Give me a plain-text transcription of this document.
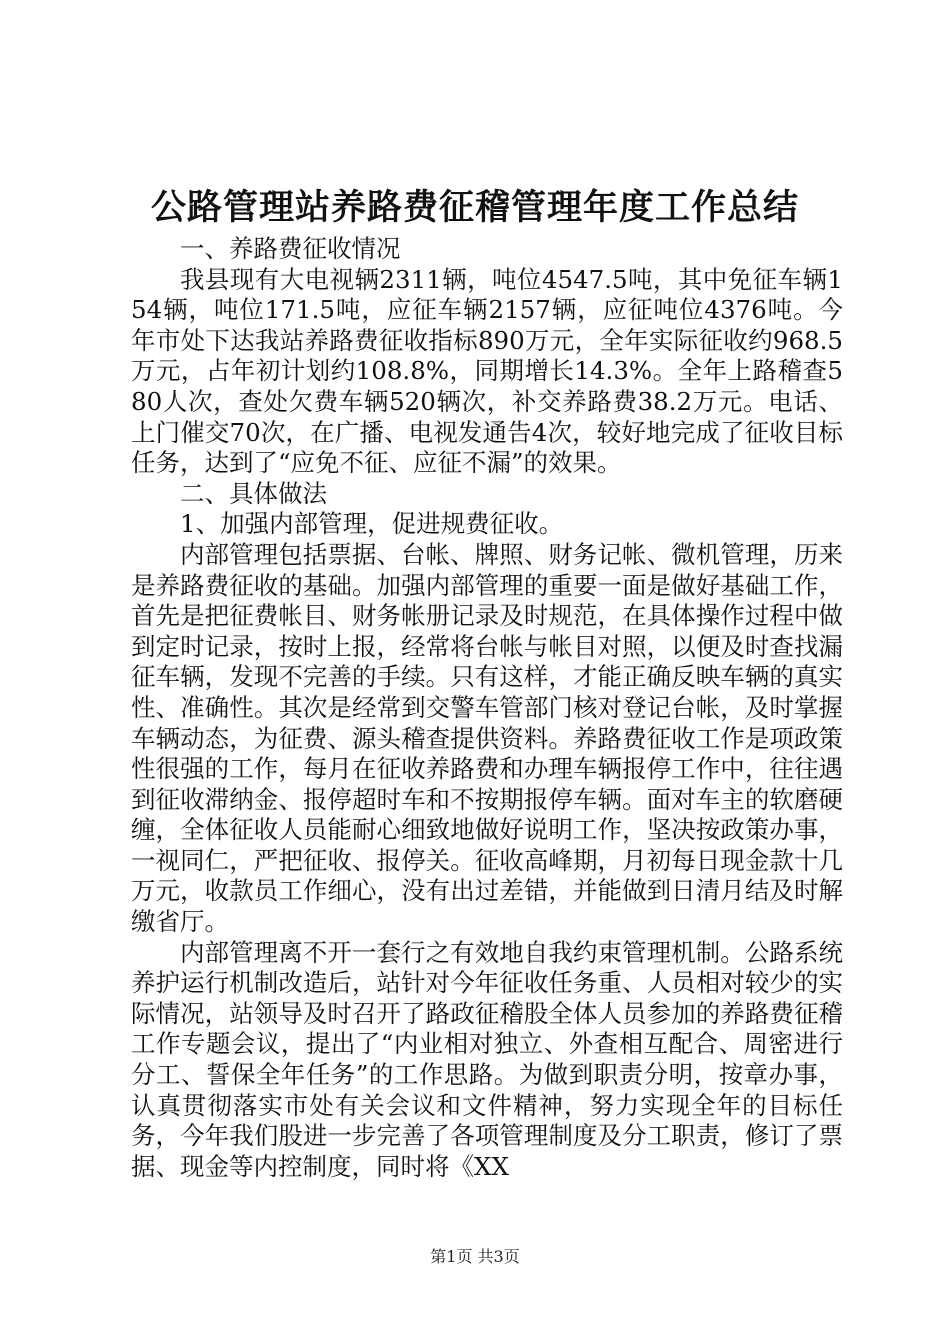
公路管理站养路费征稽管理年度工作总结

一、养路费征收情况

我县现有大电视辆2311辆，吨位4547.5吨，其中免征车辆154辆，吨位171.5吨，应征车辆2157辆，应征吨位4376吨。今年市处下达我站养路费征收指标890万元，全年实际征收约968.5万元，占年初计划约108.8%，同期增长14.3%。全年上路稽查580人次，查处欠费车辆520辆次，补交养路费38.2万元。电话、上门催交70次，在广播、电视发通告4次，较好地完成了征收目标任务，达到了“应免不征、应征不漏”的效果。

二、具体做法

1、加强内部管理，促进规费征收。

内部管理包括票据、台帐、牌照、财务记帐、微机管理，历来是养路费征收的基础。加强内部管理的重要一面是做好基础工作，首先是把征费帐目、财务帐册记录及时规范，在具体操作过程中做到定时记录，按时上报，经常将台帐与帐目对照，以便及时查找漏征车辆，发现不完善的手续。只有这样，才能正确反映车辆的真实性、准确性。其次是经常到交警车管部门核对登记台帐，及时掌握车辆动态，为征费、源头稽查提供资料。养路费征收工作是项政策性很强的工作，每月在征收养路费和办理车辆报停工作中，往往遇到征收滞纳金、报停超时车和不按期报停车辆。面对车主的软磨硬缠，全体征收人员能耐心细致地做好说明工作，坚决按政策办事，一视同仁，严把征收、报停关。征收高峰期，月初每日现金款十几万元，收款员工作细心，没有出过差错，并能做到日清月结及时解缴省厅。

内部管理离不开一套行之有效地自我约束管理机制。公路系统养护运行机制改造后，站针对今年征收任务重、人员相对较少的实际情况，站领导及时召开了路政征稽股全体人员参加的养路费征稽工作专题会议，提出了“内业相对独立、外查相互配合、周密进行分工、誓保全年任务”的工作思路。为做到职责分明，按章办事，认真贯彻落实市处有关会议和文件精神，努力实现全年的目标任务，今年我们股进一步完善了各项管理制度及分工职责，修订了票据、现金等内控制度，同时将《XX

第1页 共3页
